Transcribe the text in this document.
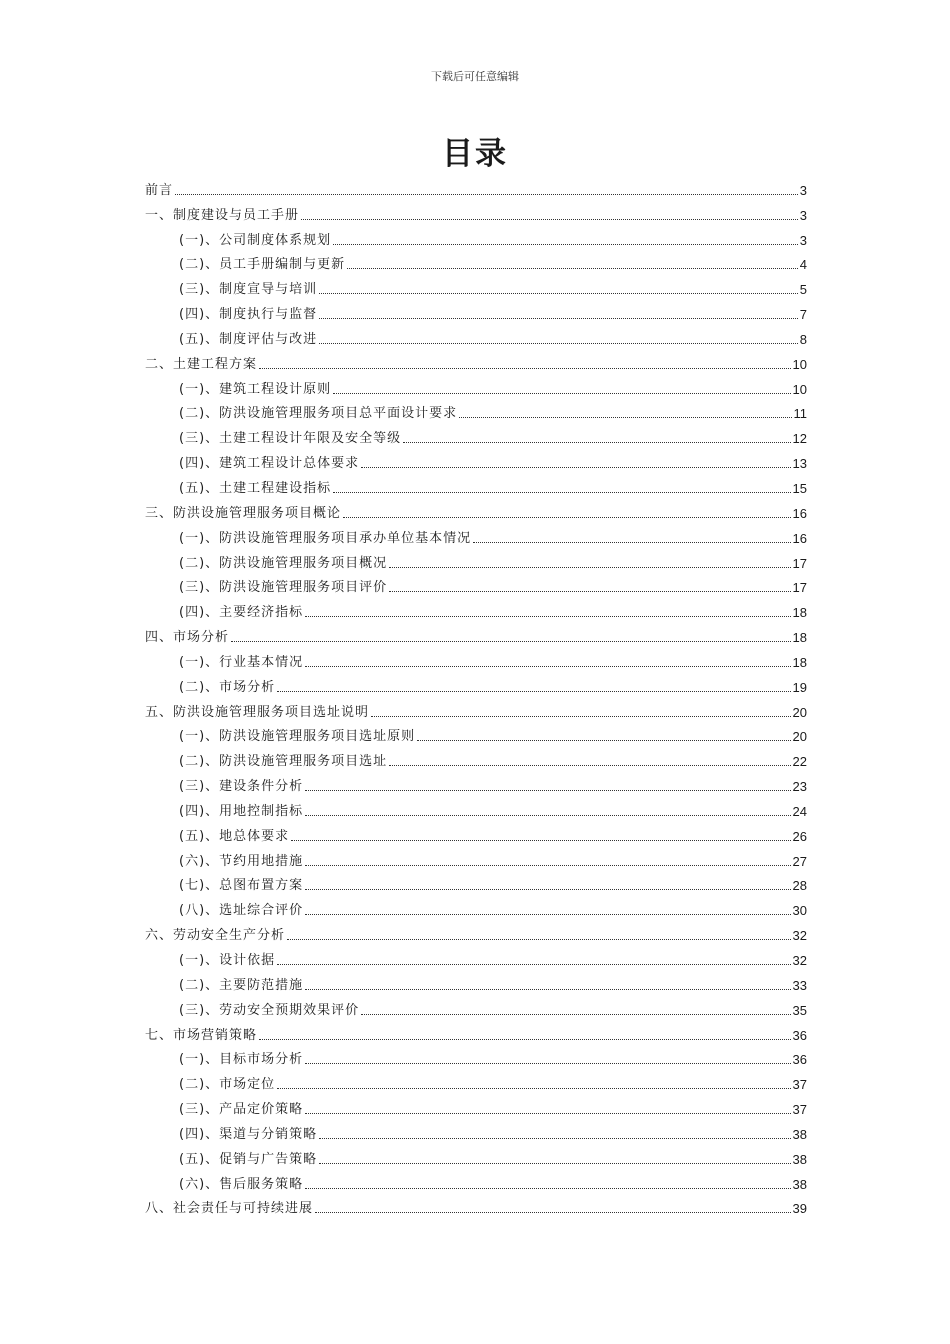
下载后可任意编辑
目录
前言	3
一、制度建设与员工手册	3
(一)、公司制度体系规划	3
(二)、员工手册编制与更新	4
(三)、制度宣导与培训	5
(四)、制度执行与监督	7
(五)、制度评估与改进	8
二、土建工程方案	10
(一)、建筑工程设计原则	10
(二)、防洪设施管理服务项目总平面设计要求	11
(三)、土建工程设计年限及安全等级	12
(四)、建筑工程设计总体要求	13
(五)、土建工程建设指标	15
三、防洪设施管理服务项目概论	16
(一)、防洪设施管理服务项目承办单位基本情况	16
(二)、防洪设施管理服务项目概况	17
(三)、防洪设施管理服务项目评价	17
(四)、主要经济指标	18
四、市场分析	18
(一)、行业基本情况	18
(二)、市场分析	19
五、防洪设施管理服务项目选址说明	20
(一)、防洪设施管理服务项目选址原则	20
(二)、防洪设施管理服务项目选址	22
(三)、建设条件分析	23
(四)、用地控制指标	24
(五)、地总体要求	26
(六)、节约用地措施	27
(七)、总图布置方案	28
(八)、选址综合评价	30
六、劳动安全生产分析	32
(一)、设计依据	32
(二)、主要防范措施	33
(三)、劳动安全预期效果评价	35
七、市场营销策略	36
(一)、目标市场分析	36
(二)、市场定位	37
(三)、产品定价策略	37
(四)、渠道与分销策略	38
(五)、促销与广告策略	38
(六)、售后服务策略	38
八、社会责任与可持续进展	39
